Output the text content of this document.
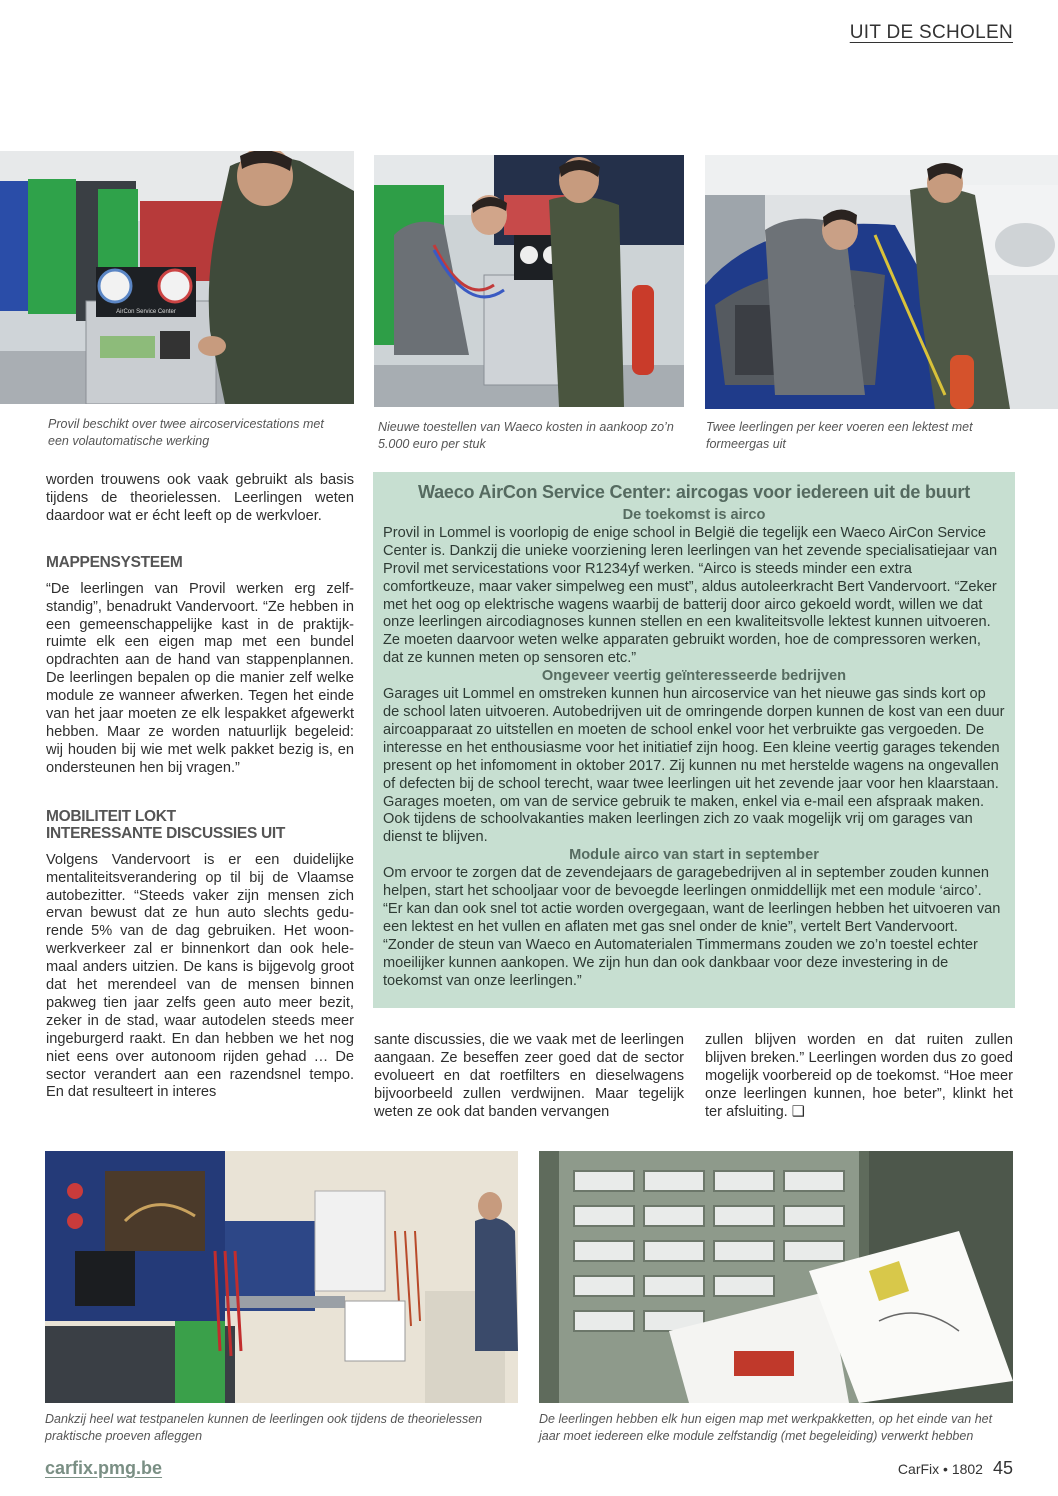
UIT DE SCHOLEN
AirCon Service Center
Provil beschikt over twee aircoservicestations met een volautomatische werking
Nieuwe toestellen van Waeco kosten in aankoop zo’n 5.000 euro per stuk
Twee leerlingen per keer voeren een lektest met formeergas uit

worden trouwens ook vaak gebruikt als basis tijdens de theorielessen. Leerlingen weten daardoor wat er écht leeft op de werkvloer.

MAPPENSYSTEEM

“De leerlingen van Provil werken erg zelfstandig”, benadrukt Vandervoort. “Ze hebben in een gemeenschappelijke kast in de praktijkruimte elk een eigen map met een bundel opdrachten aan de hand van stappenplannen. De leerlingen bepalen op die manier zelf welke module ze wanneer afwerken. Tegen het einde van het jaar moeten ze elk lespakket afgewerkt hebben. Maar ze worden natuurlijk begeleid: wij houden bij wie met welk pakket bezig is, en ondersteunen hen bij vragen.”

MOBILITEIT LOKT
INTERESSANTE DISCUSSIES UIT

Volgens Vandervoort is er een duidelijke mentaliteitsverandering op til bij de Vlaamse autobezitter. “Steeds vaker zijn mensen zich ervan bewust dat ze hun auto slechts gedurende 5% van de dag gebruiken. Het woonwerkverkeer zal er binnenkort dan ook helemaal anders uitzien. De kans is bijgevolg groot dat het merendeel van de mensen binnen pakweg tien jaar zelfs geen auto meer bezit, zeker in de stad, waar autodelen steeds meer ingeburgerd raakt. En dan hebben we het nog niet eens over autonoom rijden gehad … De sector verandert aan een razendsnel tempo. En dat resulteert in interes

Waeco AirCon Service Center: aircogas voor iedereen uit de buurt
De toekomst is airco

Provil in Lommel is voorlopig de enige school in België die tegelijk een Waeco AirCon Service Center is. Dankzij die unieke voorziening leren leerlingen van het zevende specialisatiejaar van Provil met servicestations voor R1234yf werken. “Airco is steeds minder een extra comfortkeuze, maar vaker simpelweg een must”, aldus autoleerkracht Bert Vandervoort. “Zeker met het oog op elektrische wagens waarbij de batterij door airco gekoeld wordt, willen we dat onze leerlingen aircodiagnoses kunnen stellen en een kwaliteitsvolle lektest kunnen uitvoeren. Ze moeten daarvoor weten welke apparaten gebruikt worden, hoe de compressoren werken, dat ze kunnen meten op sensoren etc.”

Ongeveer veertig geïnteresseerde bedrijven

Garages uit Lommel en omstreken kunnen hun aircoservice van het nieuwe gas sinds kort op de school laten uitvoeren. Autobedrijven uit de omringende dorpen kunnen de kost van een duur aircoapparaat zo uitstellen en moeten de school enkel voor het verbruikte gas vergoeden. De interesse en het enthousiasme voor het initiatief zijn hoog. Een kleine veertig garages tekenden present op het infomoment in oktober 2017. Zij kunnen nu met herstelde wagens na ongevallen of defecten bij de school terecht, waar twee leerlingen uit het zevende jaar voor hen klaarstaan. Garages moeten, om van de service gebruik te maken, enkel via e-mail een afspraak maken. Ook tijdens de schoolvakanties maken leerlingen zich zo vaak mogelijk vrij om garages van dienst te blijven.

Module airco van start in september

Om ervoor te zorgen dat de zevendejaars de garagebedrijven al in september zouden kunnen helpen, start het schooljaar voor de bevoegde leerlingen onmiddellijk met een module ‘airco’. “Er kan dan ook snel tot actie worden overgegaan, want de leerlingen hebben het uitvoeren van een lektest en het vullen en aflaten met gas snel onder de knie”, vertelt Bert Vandervoort. “Zonder de steun van Waeco en Automaterialen Timmermans zouden we zo’n toestel echter moeilijker kunnen aankopen. We zijn hun dan ook dankbaar voor deze investering in de toekomst van onze leerlingen.”

sante discussies, die we vaak met de leerlingen aangaan. Ze beseffen zeer goed dat de sector evolueert en dat roetfilters en dieselwagens bijvoorbeeld zullen verdwijnen. Maar tegelijk weten ze ook dat banden vervangen

zullen blijven worden en dat ruiten zullen blijven breken.” Leerlingen worden dus zo goed mogelijk voorbereid op de toekomst. “Hoe meer onze leerlingen kunnen, hoe beter”, klinkt het ter afsluiting. ❑

Dankzij heel wat testpanelen kunnen de leerlingen ook tijdens de theorielessen praktische proeven afleggen
De leerlingen hebben elk hun eigen map met werkpakketten, op het einde van het jaar moet iedereen elke module zelfstandig (met begeleiding) verwerkt hebben
carfix.pmg.be	CarFix • 1802 45
